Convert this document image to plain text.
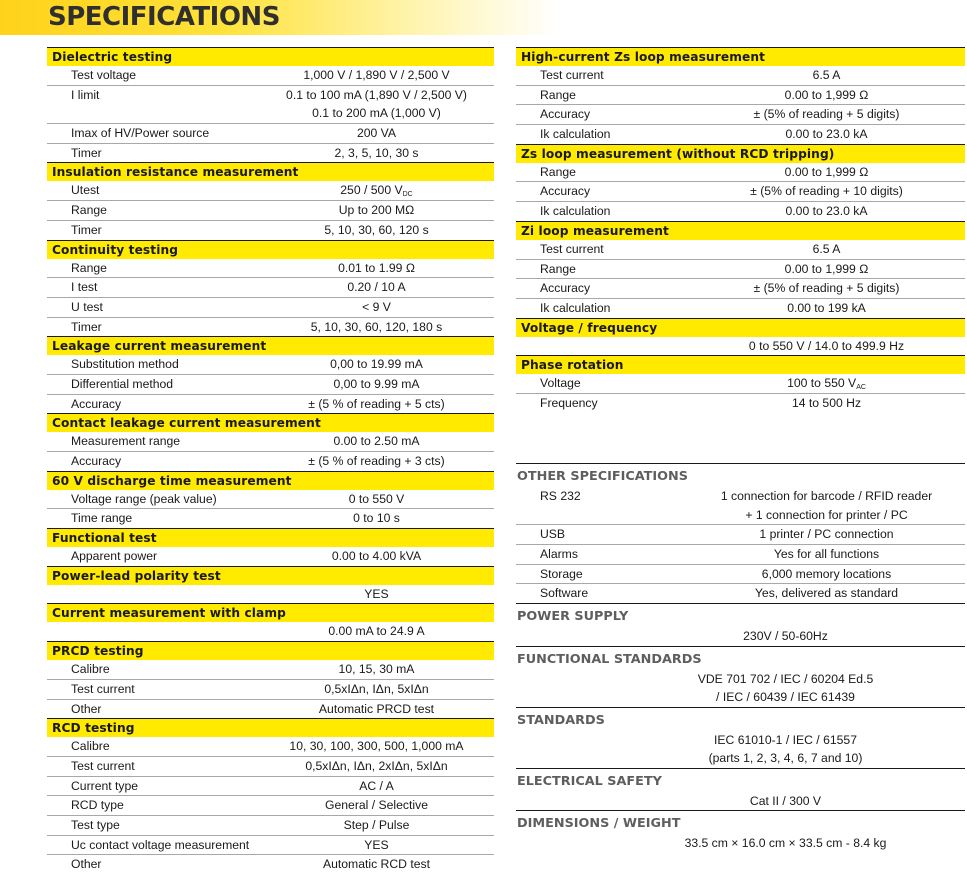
SPECIFICATIONS
Dielectric testing
Test voltage	1,000 V / 1,890 V / 2,500 V
I limit	0.1 to 100 mA (1,890 V / 2,500 V)
0.1 to 200 mA (1,000 V)
Imax of HV/Power source	200 VA
Timer	2, 3, 5, 10, 30 s
Insulation resistance measurement
Utest	250 / 500 $V_{DC}$
Range	Up to 200 MΩ
Timer	5, 10, 30, 60, 120 s
Continuity testing
Range	0.01 to 1.99 Ω
I test	0.20 / 10 A
U test	< 9 V
Timer	5, 10, 30, 60, 120, 180 s
Leakage current measurement
Substitution method	0,00 to 19.99 mA
Differential method	0,00 to 9.99 mA
Accuracy	± (5 % of reading + 5 cts)
Contact leakage current measurement
Measurement range	0.00 to 2.50 mA
Accuracy	± (5 % of reading + 3 cts)
60 V discharge time measurement
Voltage range (peak value)	0 to 550 V
Time range	0 to 10 s
Functional test
Apparent power	0.00 to 4.00 kVA
Power-lead polarity test
YES
Current measurement with clamp
0.00 mA to 24.9 A
PRCD testing
Calibre	10, 15, 30 mA
Test current	0,5xIΔn, IΔn, 5xIΔn
Other	Automatic PRCD test
RCD testing
Calibre	10, 30, 100, 300, 500, 1,000 mA
Test current	0,5xIΔn, IΔn, 2xIΔn, 5xIΔn
Current type	AC / A
RCD type	General / Selective
Test type	Step / Pulse
Uc contact voltage measurement	YES
Other	Automatic RCD test
High-current Zs loop measurement
Test current	6.5 A
Range	0.00 to 1,999 Ω
Accuracy	± (5% of reading + 5 digits)
Ik calculation	0.00 to 23.0 kA
Zs loop measurement (without RCD tripping)
Range	0.00 to 1,999 Ω
Accuracy	± (5% of reading + 10 digits)
Ik calculation	0.00 to 23.0 kA
Zi loop measurement
Test current	6.5 A
Range	0.00 to 1,999 Ω
Accuracy	± (5% of reading + 5 digits)
Ik calculation	0.00 to 199 kA
Voltage / frequency
0 to 550 V / 14.0 to 499.9 Hz
Phase rotation
Voltage	100 to 550 $V_{AC}$
Frequency	14 to 500 Hz
OTHER SPECIFICATIONS
RS 232	1 connection for barcode / RFID reader
+ 1 connection for printer / PC
USB	1 printer / PC connection
Alarms	Yes for all functions
Storage	6,000 memory locations
Software	Yes, delivered as standard
POWER SUPPLY
230V / 50-60Hz
FUNCTIONAL STANDARDS
VDE 701 702 / IEC / 60204 Ed.5
/ IEC / 60439 / IEC 61439
STANDARDS
IEC 61010-1 / IEC / 61557
(parts 1, 2, 3, 4, 6, 7 and 10)
ELECTRICAL SAFETY
Cat II / 300 V
DIMENSIONS / WEIGHT
33.5 cm × 16.0 cm × 33.5 cm - 8.4 kg
